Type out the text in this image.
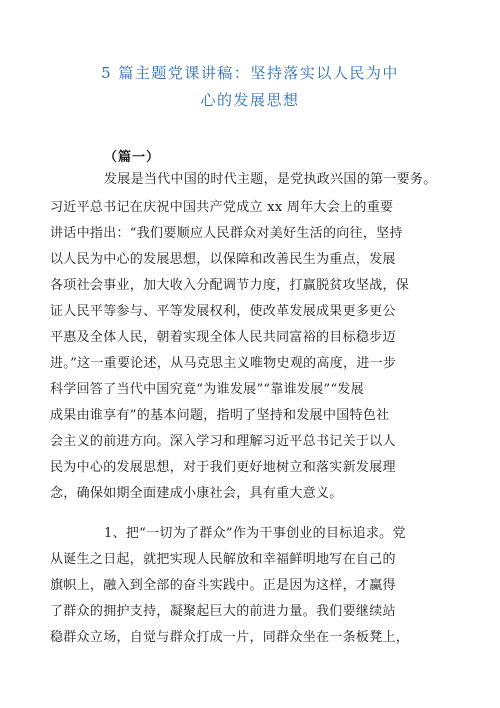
5 篇主题党课讲稿：坚持落实以人民为中
心的发展思想
（篇一）
发展是当代中国的时代主题，是党执政兴国的第一要务。
习近平总书记在庆祝中国共产党成立 xx 周年大会上的重要
讲话中指出：“我们要顺应人民群众对美好生活的向往，坚持
以人民为中心的发展思想，以保障和改善民生为重点，发展
各项社会事业，加大收入分配调节力度，打赢脱贫攻坚战，保
证人民平等参与、平等发展权利，使改革发展成果更多更公
平惠及全体人民，朝着实现全体人民共同富裕的目标稳步迈
进。”这一重要论述，从马克思主义唯物史观的高度，进一步
科学回答了当代中国究竟“为谁发展”“靠谁发展”“发展
成果由谁享有”的基本问题，指明了坚持和发展中国特色社
会主义的前进方向。深入学习和理解习近平总书记关于以人
民为中心的发展思想，对于我们更好地树立和落实新发展理
念，确保如期全面建成小康社会，具有重大意义。
1、把“一切为了群众”作为干事创业的目标追求。党
从诞生之日起，就把实现人民解放和幸福鲜明地写在自己的
旗帜上，融入到全部的奋斗实践中。正是因为这样，才赢得
了群众的拥护支持，凝聚起巨大的前进力量。我们要继续站
稳群众立场，自觉与群众打成一片，同群众坐在一条板凳上，
